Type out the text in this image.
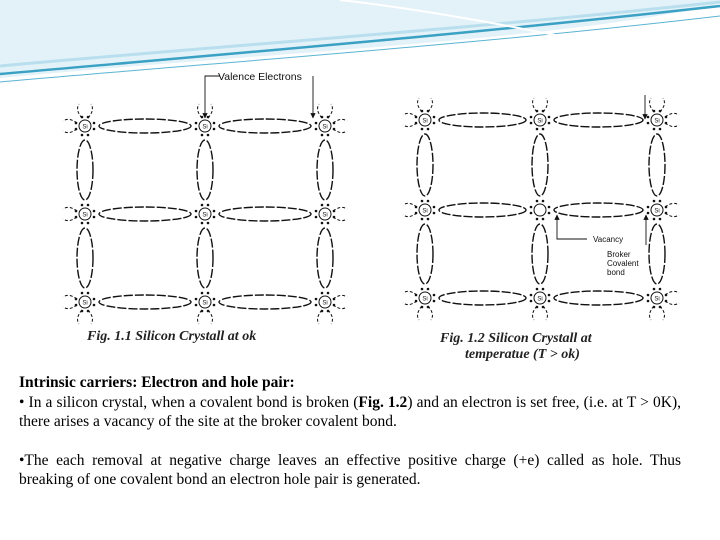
Si	Si	Si
Si	Si	Si
Si	Si	Si
Valence Electrons

Fig. 1.1 Silicon Crystall at ok

Si	Si	Si
Si	Si
Si	Si	Si
Vacancy
Broker
Covalent
bond

Fig. 1.2 Silicon Crystall at
temperatue (T > ok)

Intrinsic carriers: Electron and hole pair:

• In a silicon crystal, when a covalent bond is broken (Fig. 1.2) and an electron is set free, (i.e. at T > 0K), there arises a vacancy of the site at the broker covalent bond.

•The each removal at negative charge leaves an effective positive charge (+e) called as hole. Thus breaking of one covalent bond an electron hole pair is generated.
